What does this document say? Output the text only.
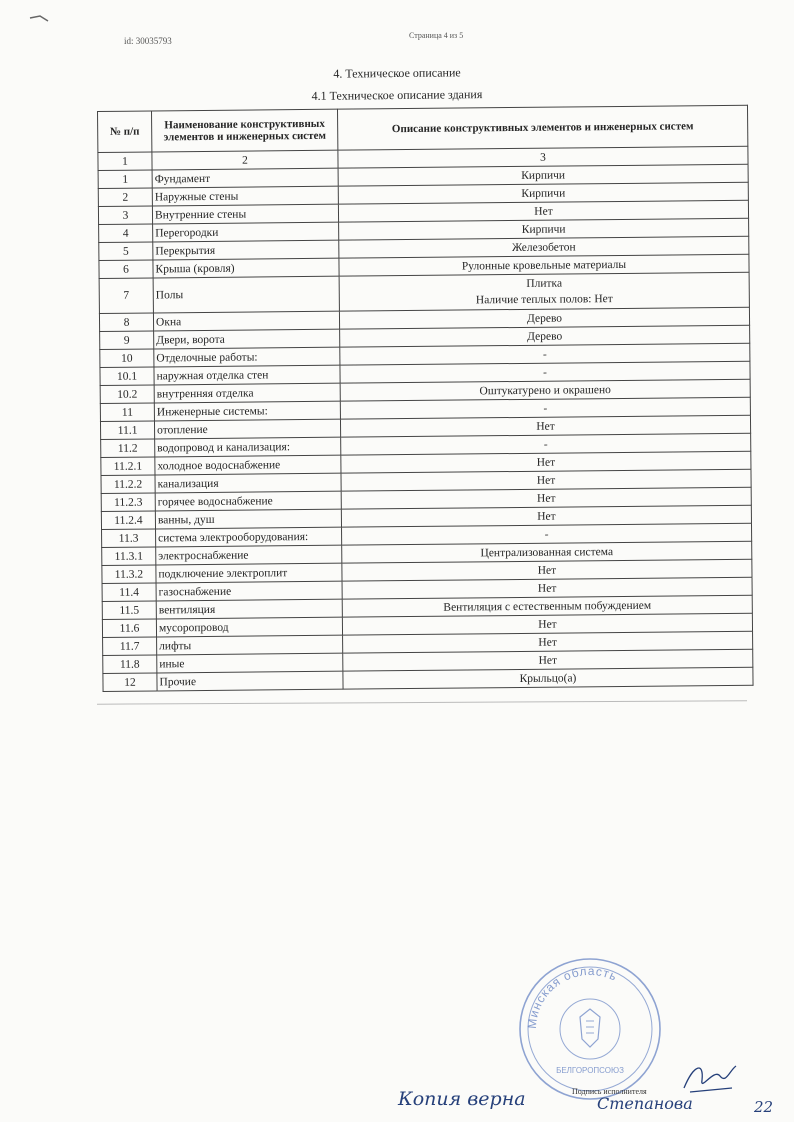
id: 30035793
Страница 4 из 5
4. Техническое описание
4.1 Техническое описание здания
№ п/п	Наименование конструктивных элементов и инженерных систем	Описание конструктивных элементов и инженерных систем
1	2	3
1	Фундамент	Кирпичи
2	Наружные стены	Кирпичи
3	Внутренние стены	Нет
4	Перегородки	Кирпичи
5	Перекрытия	Железобетон
6	Крыша (кровля)	Рулонные кровельные материалы
7	Полы	Плитка
Наличие теплых полов: Нет

8	Окна	Дерево
9	Двери, ворота	Дерево
10	Отделочные работы:	-
10.1	наружная отделка стен	-
10.2	внутренняя отделка	Оштукатурено и окрашено
11	Инженерные системы:	-
11.1	отопление	Нет
11.2	водопровод и канализация:	-
11.2.1	холодное водоснабжение	Нет
11.2.2	канализация	Нет
11.2.3	горячее водоснабжение	Нет
11.2.4	ванны, душ	Нет
11.3	система электрооборудования:	-
11.3.1	электроснабжение	Централизованная система
11.3.2	подключение электроплит	Нет
11.4	газоснабжение	Нет
11.5	вентиляция	Вентиляция с естественным побуждением
11.6	мусоропровод	Нет
11.7	лифты	Нет
11.8	иные	Нет
12	Прочие	Крыльцо(а)
Минская область
БЕЛГОРОПСОЮЗ
Подпись исполнителя
Копия верна	Степанова	22
